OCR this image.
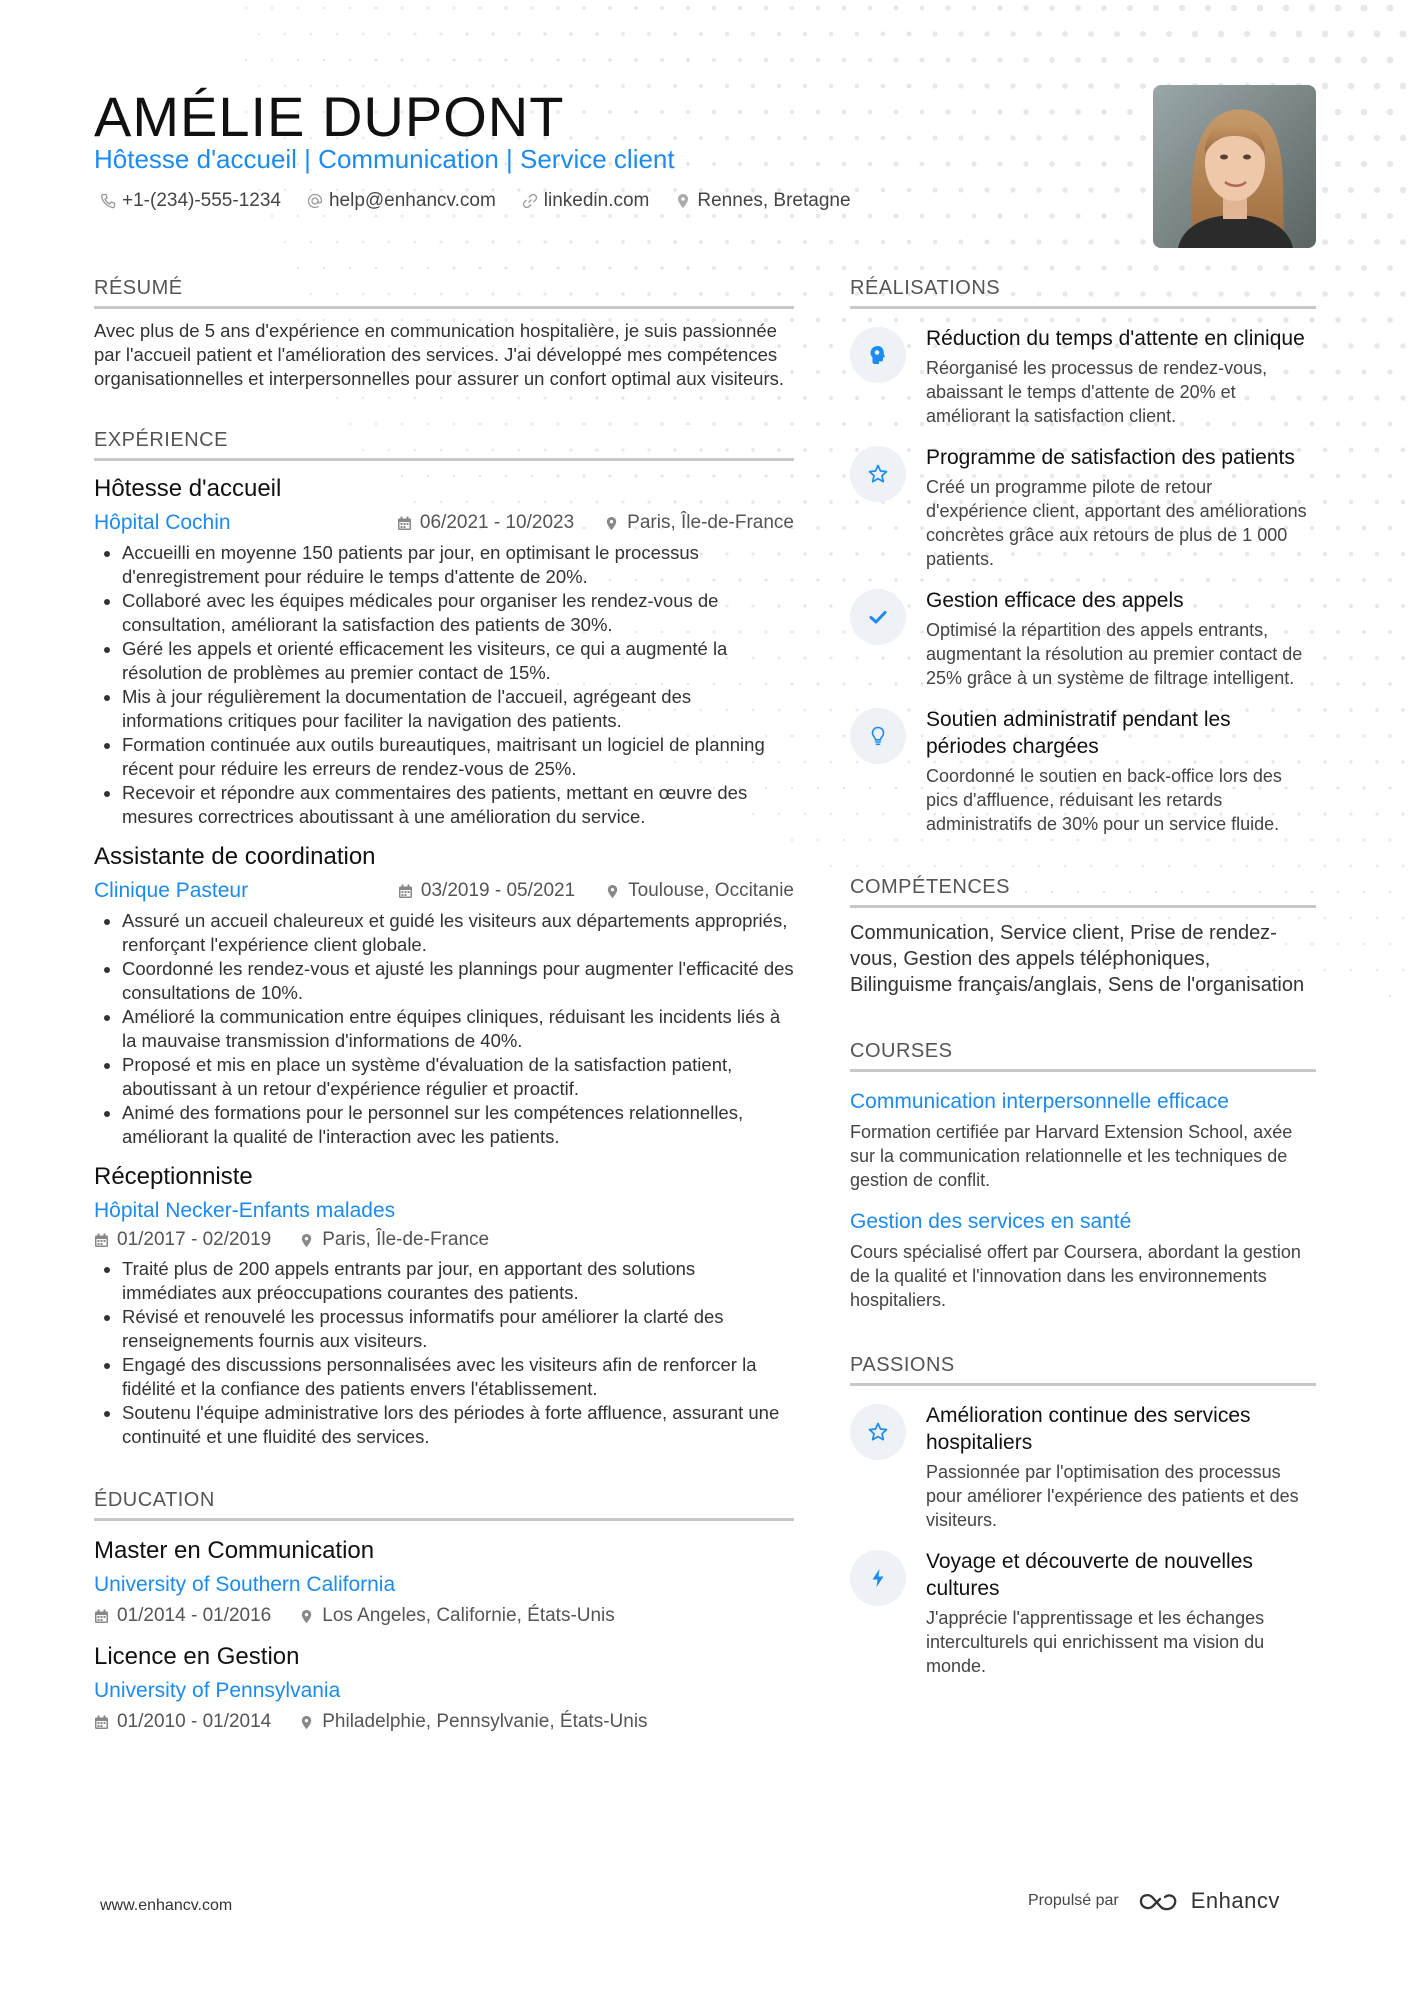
AMÉLIE DUPONT
Hôtesse d'accueil | Communication | Service client
+1-(234)-555-1234	help@enhancv.com	linkedin.com	Rennes, Bretagne
RÉSUMÉ
Avec plus de 5 ans d'expérience en communication hospitalière, je suis passionnée par l'accueil patient et l'amélioration des services. J'ai développé mes compétences organisationnelles et interpersonnelles pour assurer un confort optimal aux visiteurs.
EXPÉRIENCE
Hôtesse d'accueil
Hôpital Cochin	06/2021 - 10/2023	Paris, Île-de-France
• Accueilli en moyenne 150 patients par jour, en optimisant le processus d'enregistrement pour réduire le temps d'attente de 20%.
• Collaboré avec les équipes médicales pour organiser les rendez-vous de consultation, améliorant la satisfaction des patients de 30%.
• Géré les appels et orienté efficacement les visiteurs, ce qui a augmenté la résolution de problèmes au premier contact de 15%.
• Mis à jour régulièrement la documentation de l'accueil, agrégeant des informations critiques pour faciliter la navigation des patients.
• Formation continuée aux outils bureautiques, maitrisant un logiciel de planning récent pour réduire les erreurs de rendez-vous de 25%.
• Recevoir et répondre aux commentaires des patients, mettant en œuvre des mesures correctrices aboutissant à une amélioration du service.
Assistante de coordination
Clinique Pasteur	03/2019 - 05/2021	Toulouse, Occitanie
• Assuré un accueil chaleureux et guidé les visiteurs aux départements appropriés, renforçant l'expérience client globale.
• Coordonné les rendez-vous et ajusté les plannings pour augmenter l'efficacité des consultations de 10%.
• Amélioré la communication entre équipes cliniques, réduisant les incidents liés à la mauvaise transmission d'informations de 40%.
• Proposé et mis en place un système d'évaluation de la satisfaction patient, aboutissant à un retour d'expérience régulier et proactif.
• Animé des formations pour le personnel sur les compétences relationnelles, améliorant la qualité de l'interaction avec les patients.
Réceptionniste
Hôpital Necker-Enfants malades
01/2017 - 02/2019	Paris, Île-de-France
• Traité plus de 200 appels entrants par jour, en apportant des solutions immédiates aux préoccupations courantes des patients.
• Révisé et renouvelé les processus informatifs pour améliorer la clarté des renseignements fournis aux visiteurs.
• Engagé des discussions personnalisées avec les visiteurs afin de renforcer la fidélité et la confiance des patients envers l'établissement.
• Soutenu l'équipe administrative lors des périodes à forte affluence, assurant une continuité et une fluidité des services.
ÉDUCATION
Master en Communication
University of Southern California
01/2014 - 01/2016	Los Angeles, Californie, États-Unis
Licence en Gestion
University of Pennsylvania
01/2010 - 01/2014	Philadelphie, Pennsylvanie, États-Unis
RÉALISATIONS
Réduction du temps d'attente en clinique
Réorganisé les processus de rendez-vous, abaissant le temps d'attente de 20% et améliorant la satisfaction client.
Programme de satisfaction des patients
Créé un programme pilote de retour d'expérience client, apportant des améliorations concrètes grâce aux retours de plus de 1 000 patients.
Gestion efficace des appels
Optimisé la répartition des appels entrants, augmentant la résolution au premier contact de 25% grâce à un système de filtrage intelligent.
Soutien administratif pendant les périodes chargées
Coordonné le soutien en back-office lors des pics d'affluence, réduisant les retards administratifs de 30% pour un service fluide.
COMPÉTENCES
Communication, Service client, Prise de rendez-vous, Gestion des appels téléphoniques, Bilinguisme français/anglais, Sens de l'organisation
COURSES
Communication interpersonnelle efficace
Formation certifiée par Harvard Extension School, axée sur la communication relationnelle et les techniques de gestion de conflit.
Gestion des services en santé
Cours spécialisé offert par Coursera, abordant la gestion de la qualité et l'innovation dans les environnements hospitaliers.
PASSIONS
Amélioration continue des services hospitaliers
Passionnée par l'optimisation des processus pour améliorer l'expérience des patients et des visiteurs.
Voyage et découverte de nouvelles cultures
J'apprécie l'apprentissage et les échanges interculturels qui enrichissent ma vision du monde.
www.enhancv.com	Propulsé par	Enhancv
